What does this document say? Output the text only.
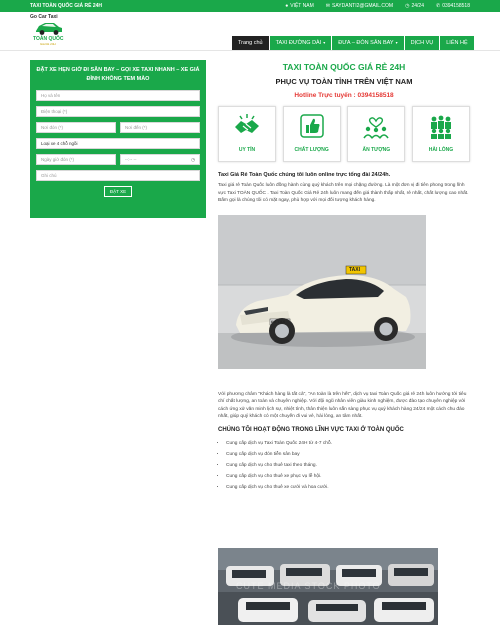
TAXI TOÀN QUỐC GIÁ RẺ 24H	● VIỆT NAM ✉ SAYDANTI2@GMAIL.COM ◷ 24/24 ✆ 0394158518
Go Car Taxi
TOÀN QUỐC
Giá Rẻ 24H	Trang chủ	TAXI ĐƯỜNG DÀI ▾	ĐƯA – ĐÓN SÂN BAY ▾	DỊCH VỤ	LIÊN HỆ
ĐẶT XE HẸN GIỜ ĐI SÂN BAY – GỌI XE TAXI NHANH – XE GIÁ ĐÌNH KHÔNG TEM MÀO
Họ và tên
Điện thoại (*)
Nơi đón (*)	Nơi đến (*)
Loại xe 4 chỗ ngồi
Ngày giờ đón (*)	--:-- --	◷
Ghi chú
ĐẶT XE
TAXI TOÀN QUỐC GIÁ RẺ 24H
PHỤC VỤ TOÀN TỈNH TRÊN VIỆT NAM
Hotline Trực tuyến : 0394158518
UY TÍN	CHẤT LƯỢNG	ẤN TƯỢNG	HÀI LÒNG
Taxi Giá Rẻ Toàn Quốc chúng tôi luôn online trực tổng đài 24/24h.
Taxi giá rẻ Toàn Quốc luôn đồng hành cùng quý khách trên mọi chặng đường. Là một đơn vị đi tiên phong trong lĩnh vực Taxi TOÀN QUỐC . Taxi Toàn Quốc Giá Rẻ 24h luôn mang đến giá thành thấp nhất, rẻ nhất, chất lượng cao nhất. Bấm gọi là chúng tôi có mặt ngay, phù hợp với mọi đối tượng khách hàng.
TAXI
EV TAX
Với phương châm "Khách hàng là tất cả", "An toàn là trên hết", dịch vụ taxi Toàn Quốc giá rẻ 24h luôn hướng tới tiêu chí chất lượng, an toàn và chuyên nghiệp. Với đội ngũ nhân viên giàu kinh nghiệm, được đào tạo chuyên nghiệp với cách ứng xử văn minh lịch sự, nhiệt tình, thân thiện luôn sẵn sàng phục vụ quý khách hàng 24/24 một cách chu đáo nhất, giúp quý khách có một chuyến đi vui vẻ, hài lòng, an tâm nhất.
CHÚNG TÔI HOẠT ĐỘNG TRONG LĨNH VỰC TAXI Ở TOÀN QUỐC
• Cung cấp dịch vụ Taxi Toàn Quốc 24H từ 4-7 chỗ.
• Cung cấp dịch vụ đón tiễn sân bay
• Cung cấp dịch vụ cho thuê taxi theo tháng.
• Cung cấp dịch vụ cho thuê xe phục vụ lễ hội.
• Cung cấp dịch vụ cho thuê xe cưới và hoa cưới.
CUTE MEDIA STOCK PHOTO
